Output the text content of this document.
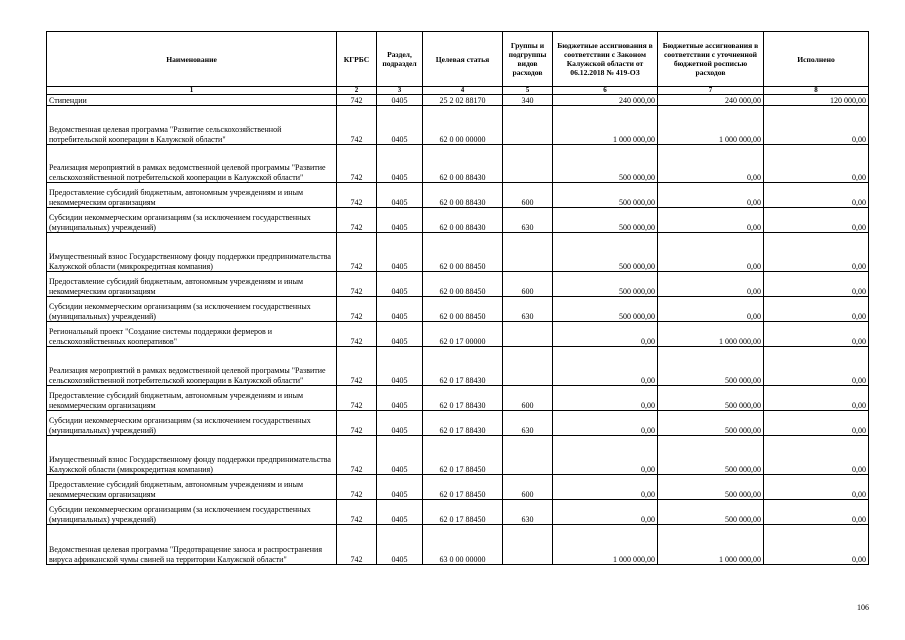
Наименование	КГРБС	Раздел, подраздел	Целевая статья	Группы и подгруппы видов расходов	Бюджетные ассигнования в соответствии с Законом Калужской области от 06.12.2018 № 419-ОЗ	Бюджетные ассигнования в соответствии с уточненной бюджетной росписью расходов	Исполнено
1	2	3	4	5	6	7	8
Стипендии	742	0405	25 2 02 88170	340	240 000,00	240 000,00	120 000,00
Ведомственная целевая программа "Развитие сельскохозяйственной потребительской кооперации в Калужской области"	742	0405	62 0 00 00000		1 000 000,00	1 000 000,00	0,00
Реализация мероприятий в рамках ведомственной целевой программы "Развитие сельскохозяйственной потребительской кооперации в Калужской области"	742	0405	62 0 00 88430		500 000,00	0,00	0,00
Предоставление субсидий бюджетным, автономным учреждениям и иным некоммерческим организациям	742	0405	62 0 00 88430	600	500 000,00	0,00	0,00
Субсидии некоммерческим организациям (за исключением государственных (муниципальных) учреждений)	742	0405	62 0 00 88430	630	500 000,00	0,00	0,00
Имущественный взнос Государственному фонду поддержки предпринимательства Калужской области (микрокредитная компания)	742	0405	62 0 00 88450		500 000,00	0,00	0,00
Предоставление субсидий бюджетным, автономным учреждениям и иным некоммерческим организациям	742	0405	62 0 00 88450	600	500 000,00	0,00	0,00
Субсидии некоммерческим организациям (за исключением государственных (муниципальных) учреждений)	742	0405	62 0 00 88450	630	500 000,00	0,00	0,00
Региональный проект "Создание системы поддержки фермеров и сельскохозяйственных кооперативов"	742	0405	62 0 17 00000		0,00	1 000 000,00	0,00
Реализация мероприятий в рамках ведомственной целевой программы "Развитие сельскохозяйственной потребительской кооперации в Калужской области"	742	0405	62 0 17 88430		0,00	500 000,00	0,00
Предоставление субсидий бюджетным, автономным учреждениям и иным некоммерческим организациям	742	0405	62 0 17 88430	600	0,00	500 000,00	0,00
Субсидии некоммерческим организациям (за исключением государственных (муниципальных) учреждений)	742	0405	62 0 17 88430	630	0,00	500 000,00	0,00
Имущественный взнос Государственному фонду поддержки предпринимательства Калужской области (микрокредитная компания)	742	0405	62 0 17 88450		0,00	500 000,00	0,00
Предоставление субсидий бюджетным, автономным учреждениям и иным некоммерческим организациям	742	0405	62 0 17 88450	600	0,00	500 000,00	0,00
Субсидии некоммерческим организациям (за исключением государственных (муниципальных) учреждений)	742	0405	62 0 17 88450	630	0,00	500 000,00	0,00
Ведомственная целевая программа "Предотвращение заноса и распространения вируса африканской чумы свиней на территории Калужской области"	742	0405	63 0 00 00000		1 000 000,00	1 000 000,00	0,00
106
